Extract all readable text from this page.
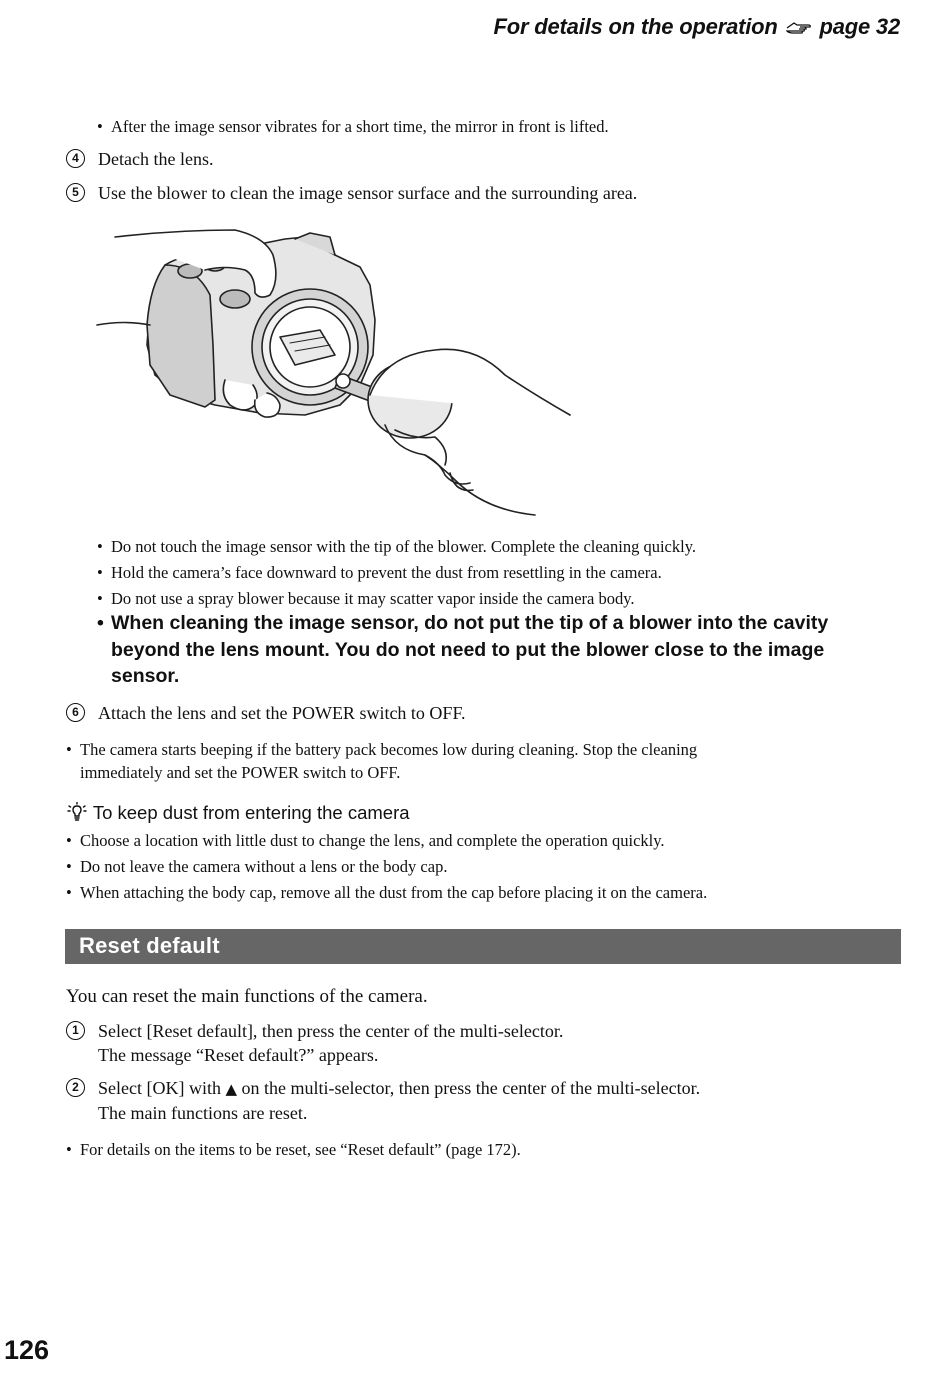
For details on the operation page 32
• After the image sensor vibrates for a short time, the mirror in front is lifted.
4	Detach the lens.
5	Use the blower to clean the image sensor surface and the surrounding area.
• Do not touch the image sensor with the tip of the blower. Complete the cleaning quickly.
• Hold the camera’s face downward to prevent the dust from resettling in the camera.
• Do not use a spray blower because it may scatter vapor inside the camera body.
• When cleaning the image sensor, do not put the tip of a blower into the cavity
beyond the lens mount. You do not need to put the blower close to the image
sensor.
6	Attach the lens and set the POWER switch to OFF.
• The camera starts beeping if the battery pack becomes low during cleaning. Stop the cleaning
immediately and set the POWER switch to OFF.
To keep dust from entering the camera
• Choose a location with little dust to change the lens, and complete the operation quickly.
• Do not leave the camera without a lens or the body cap.
• When attaching the body cap, remove all the dust from the cap before placing it on the camera.
Reset default
You can reset the main functions of the camera.
1	Select [Reset default], then press the center of the multi-selector.
The message “Reset default?” appears.
2	Select [OK] with ▲ on the multi-selector, then press the center of the multi-selector.
The main functions are reset.
• For details on the items to be reset, see “Reset default” (page 172).
126
